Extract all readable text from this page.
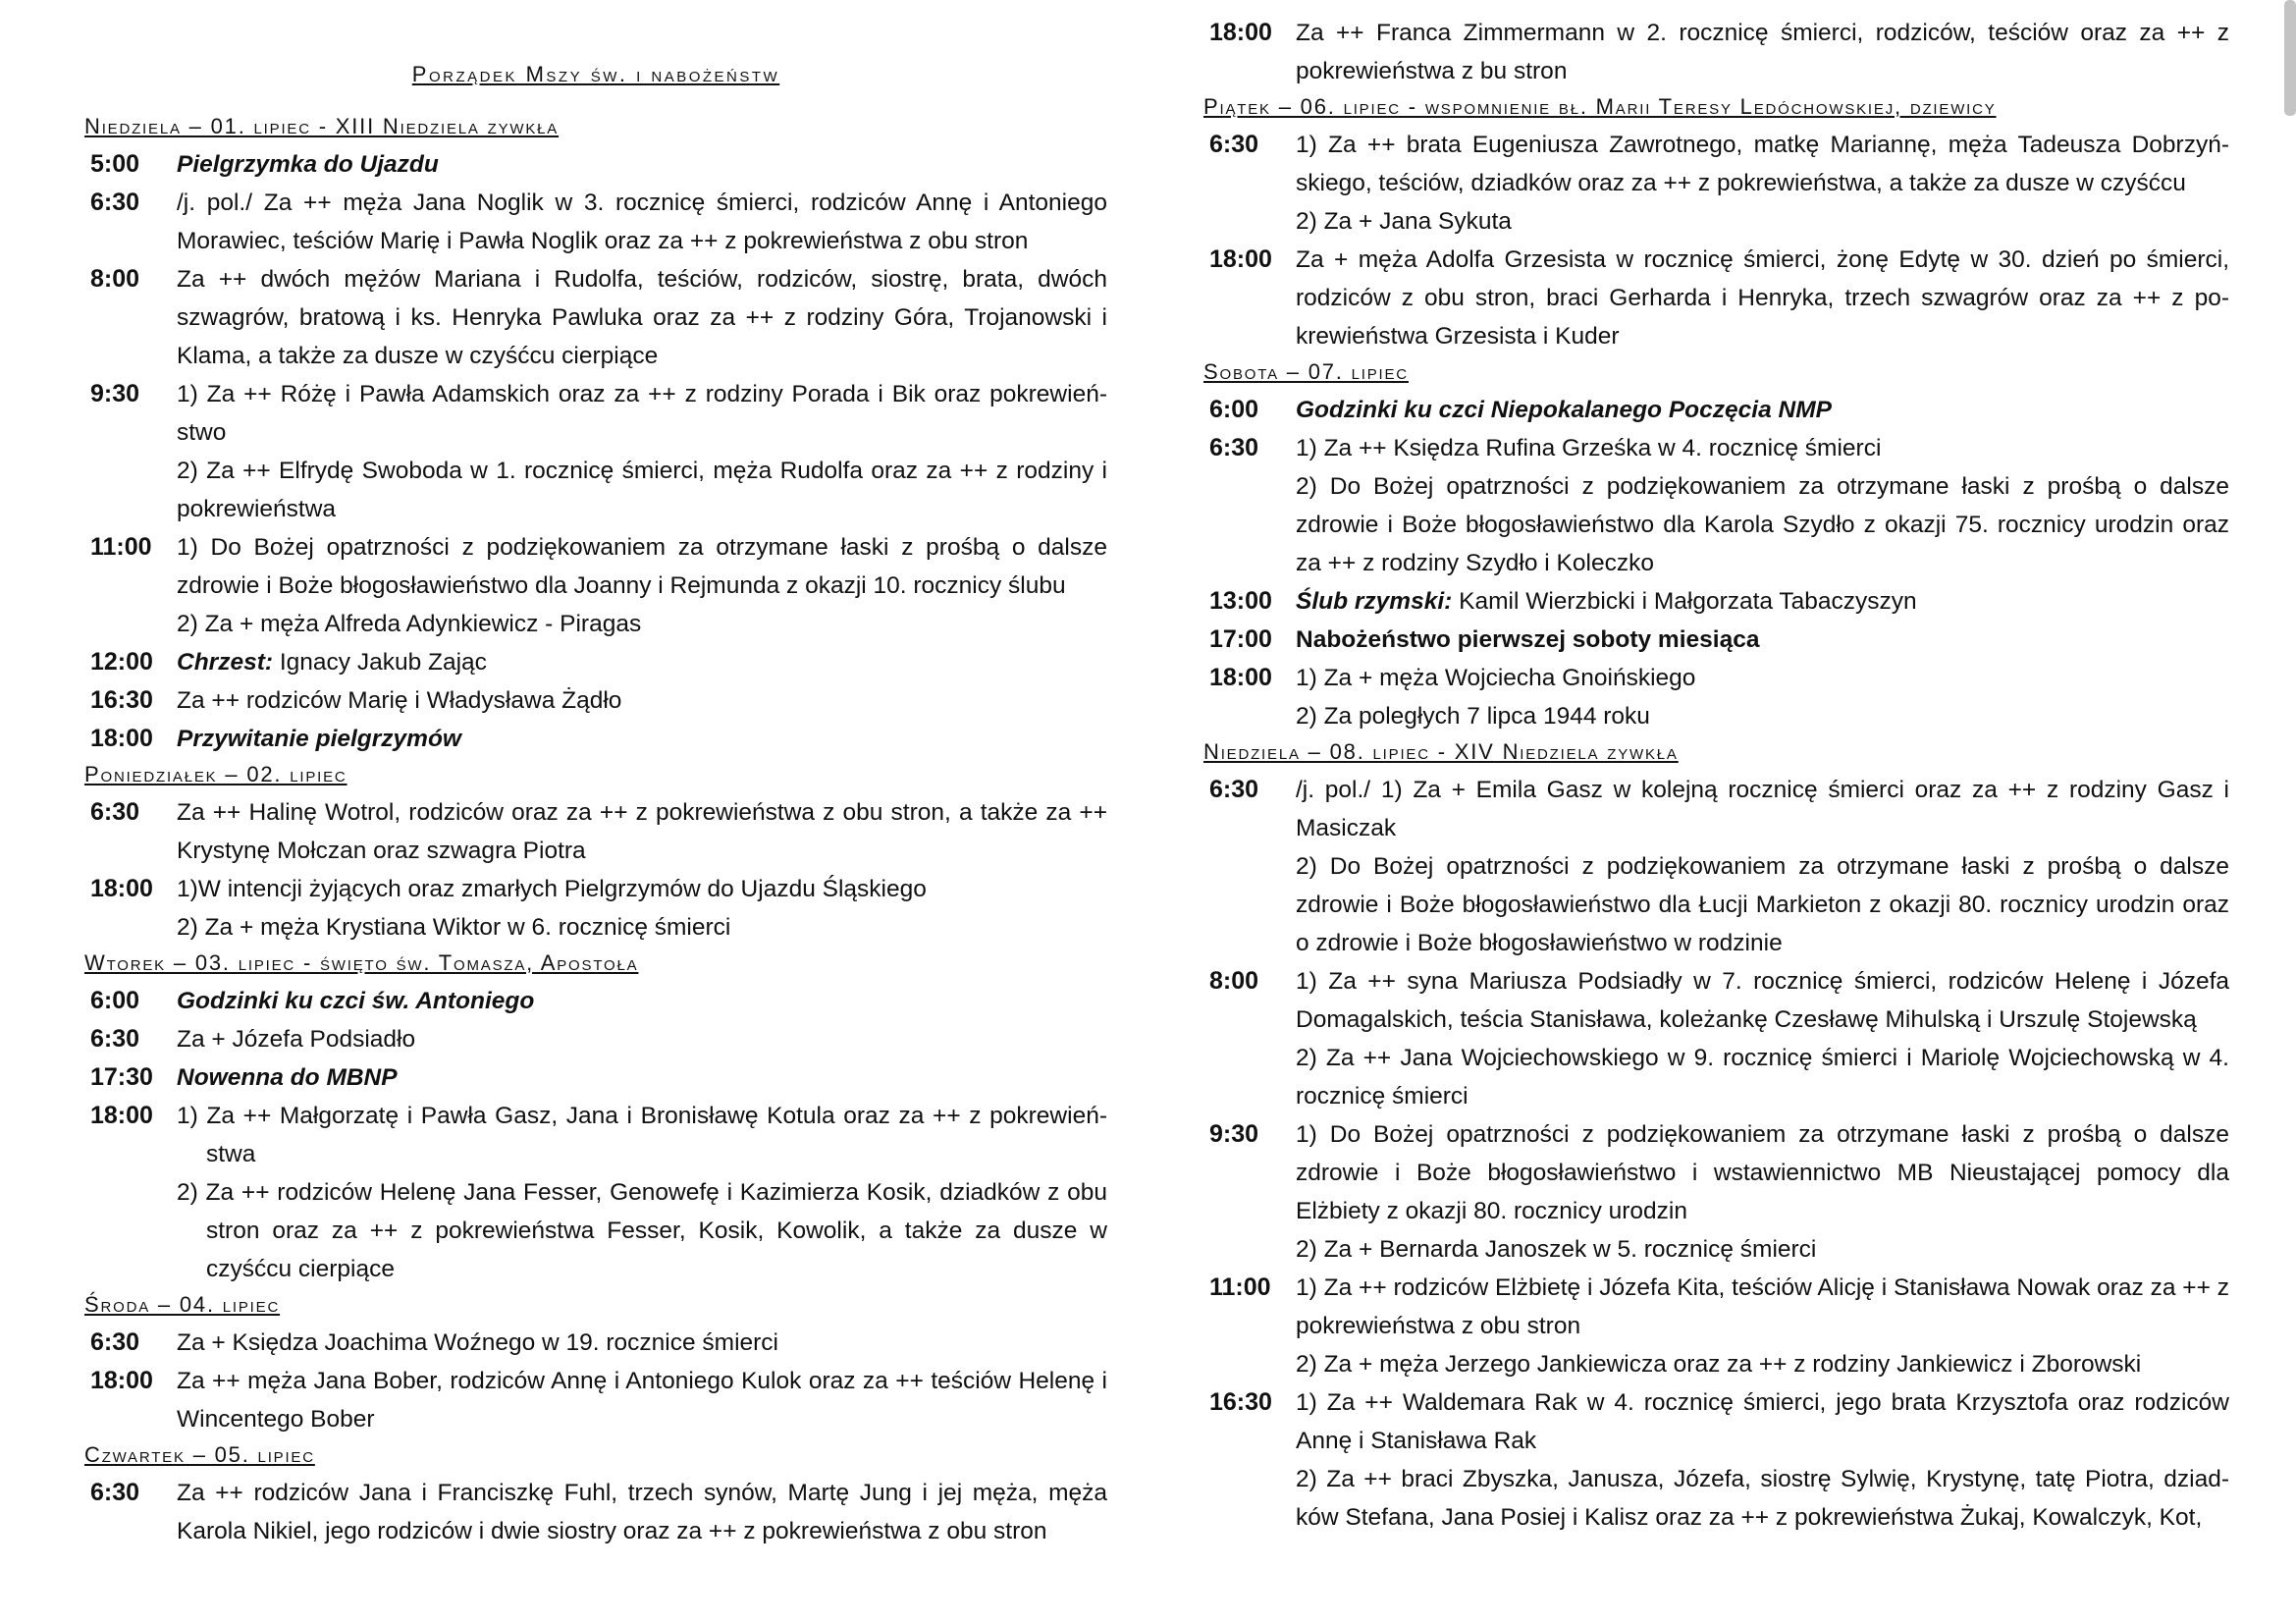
Porządek Mszy św. i nabożeństw
Niedziela – 01. lipiec - XIII Niedziela zywkła
5:00	Pielgrzymka do Ujazdu
6:30	/j. pol./ Za ++ męża Jana Noglik w 3. rocznicę śmierci, rodziców Annę i Antoniego Morawiec, teściów Marię i Pawła Noglik oraz za ++ z pokrewieństwa z obu stron
8:00	Za ++ dwóch mężów Mariana i Rudolfa, teściów, rodziców, siostrę, brata, dwóch szwagrów, bratową i ks. Henryka Pawluka oraz za ++ z rodziny Góra, Trojanowski i Klama, a także za dusze w czyśćcu cierpiące
9:30	1) Za ++ Różę i Pawła Adamskich oraz za ++ z rodziny Porada i Bik oraz pokrewieństwo
2) Za ++ Elfrydę Swoboda w 1. rocznicę śmierci, męża Rudolfa oraz za ++ z rodziny i pokrewieństwa
11:00	1) Do Bożej opatrzności z podziękowaniem za otrzymane łaski z prośbą o dalsze zdrowie i Boże błogosławieństwo dla Joanny i Rejmunda z okazji 10. rocznicy ślubu
2) Za + męża Alfreda Adynkiewicz - Piragas
12:00 Chrzest: Ignacy Jakub Zając
16:30 Za ++ rodziców Marię i Władysława Żądło
18:00 Przywitanie pielgrzymów
Poniedziałek – 02. lipiec
6:30	Za ++ Halinę Wotrol, rodziców oraz za ++ z pokrewieństwa z obu stron, a także za ++ Krystynę Mołczan oraz szwagra Piotra
18:00 1)W intencji żyjących oraz zmarłych Pielgrzymów do Ujazdu Śląskiego
2) Za + męża Krystiana Wiktor w 6. rocznicę śmierci
Wtorek – 03. lipiec - święto św. Tomasza, Apostoła
6:00	Godzinki ku czci św. Antoniego
6:30	Za + Józefa Podsiadło
17:30 Nowenna do MBNP
18:00 1) Za ++ Małgorzatę i Pawła Gasz, Jana i Bronisławę Kotula oraz za ++ z pokrewieństwa
2) Za ++ rodziców Helenę Jana Fesser, Genowefę i Kazimierza Kosik, dziadków z obu stron oraz za ++ z pokrewieństwa Fesser, Kosik, Kowolik, a także za dusze w czyśćcu cierpiące
Środa – 04. lipiec
6:30	Za + Księdza Joachima Woźnego w 19. rocznice śmierci
18:00 Za ++ męża Jana Bober, rodziców Annę i Antoniego Kulok oraz za ++ teściów Helenę i Wincentego Bober
Czwartek – 05. lipiec
6:30	Za ++ rodziców Jana i Franciszkę Fuhl, trzech synów, Martę Jung i jej męża, męża Karola Nikiel, jego rodziców i dwie siostry oraz za ++ z pokrewieństwa z obu stron
18:00 Za ++ Franca Zimmermann w 2. rocznicę śmierci, rodziców, teściów oraz za ++ z pokrewieństwa z bu stron
Piątek – 06. lipiec - wspomnienie bł. Marii Teresy Ledóchowskiej, dziewicy
6:30	1) Za ++ brata Eugeniusza Zawrotnego, matkę Mariannę, męża Tadeusza Dobrzyńskiego, teściów, dziadków oraz za ++ z pokrewieństwa, a także za dusze w czyśćcu
2) Za + Jana Sykuta
18:00 Za + męża Adolfa Grzesista w rocznicę śmierci, żonę Edytę w 30. dzień po śmierci, rodziców z obu stron, braci Gerharda i Henryka, trzech szwagrów oraz za ++ z pokrewieństwa Grzesista i Kuder
Sobota – 07. lipiec
6:00	Godzinki ku czci Niepokalanego Poczęcia NMP
6:30	1) Za ++ Księdza Rufina Grześka w 4. rocznicę śmierci
2) Do Bożej opatrzności z podziękowaniem za otrzymane łaski z prośbą o dalsze zdrowie i Boże błogosławieństwo dla Karola Szydło z okazji 75. rocznicy urodzin oraz za ++ z rodziny Szydło i Koleczko
13:00 Ślub rzymski: Kamil Wierzbicki i Małgorzata Tabaczyszyn
17:00 Nabożeństwo pierwszej soboty miesiąca
18:00 1) Za + męża Wojciecha Gnoińskiego
2) Za poległych 7 lipca 1944 roku
Niedziela – 08. lipiec - XIV Niedziela zywkła
6:30	/j. pol./ 1) Za + Emila Gasz w kolejną rocznicę śmierci oraz za ++ z rodziny Gasz i Masiczak
2) Do Bożej opatrzności z podziękowaniem za otrzymane łaski z prośbą o dalsze zdrowie i Boże błogosławieństwo dla Łucji Markieton z okazji 80. rocznicy urodzin oraz o zdrowie i Boże błogosławieństwo w rodzinie
8:00	1) Za ++ syna Mariusza Podsiadły w 7. rocznicę śmierci, rodziców Helenę i Józefa Domagalskich, teścia Stanisława, koleżankę Czesławę Mihulską i Urszulę Stojewską
2) Za ++ Jana Wojciechowskiego w 9. rocznicę śmierci i Mariolę Wojciechowską w 4. rocznicę śmierci
9:30	1) Do Bożej opatrzności z podziękowaniem za otrzymane łaski z prośbą o dalsze zdrowie i Boże błogosławieństwo i wstawiennictwo MB Nieustającej pomocy dla Elżbiety z okazji 80. rocznicy urodzin
2) Za + Bernarda Janoszek w 5. rocznicę śmierci
11:00	1) Za ++ rodziców Elżbietę i Józefa Kita, teściów Alicję i Stanisława Nowak oraz za ++ z pokrewieństwa z obu stron
2) Za + męża Jerzego Jankiewicza oraz za ++ z rodziny Jankiewicz i Zborowski
16:30 1) Za ++ Waldemara Rak w 4. rocznicę śmierci, jego brata Krzysztofa oraz rodziców Annę i Stanisława Rak
2) Za ++ braci Zbyszka, Janusza, Józefa, siostrę Sylwię, Krystynę, tatę Piotra, dziadków Stefana, Jana Posiej i Kalisz oraz za ++ z pokrewieństwa Żukaj, Kowalczyk, Kot,
